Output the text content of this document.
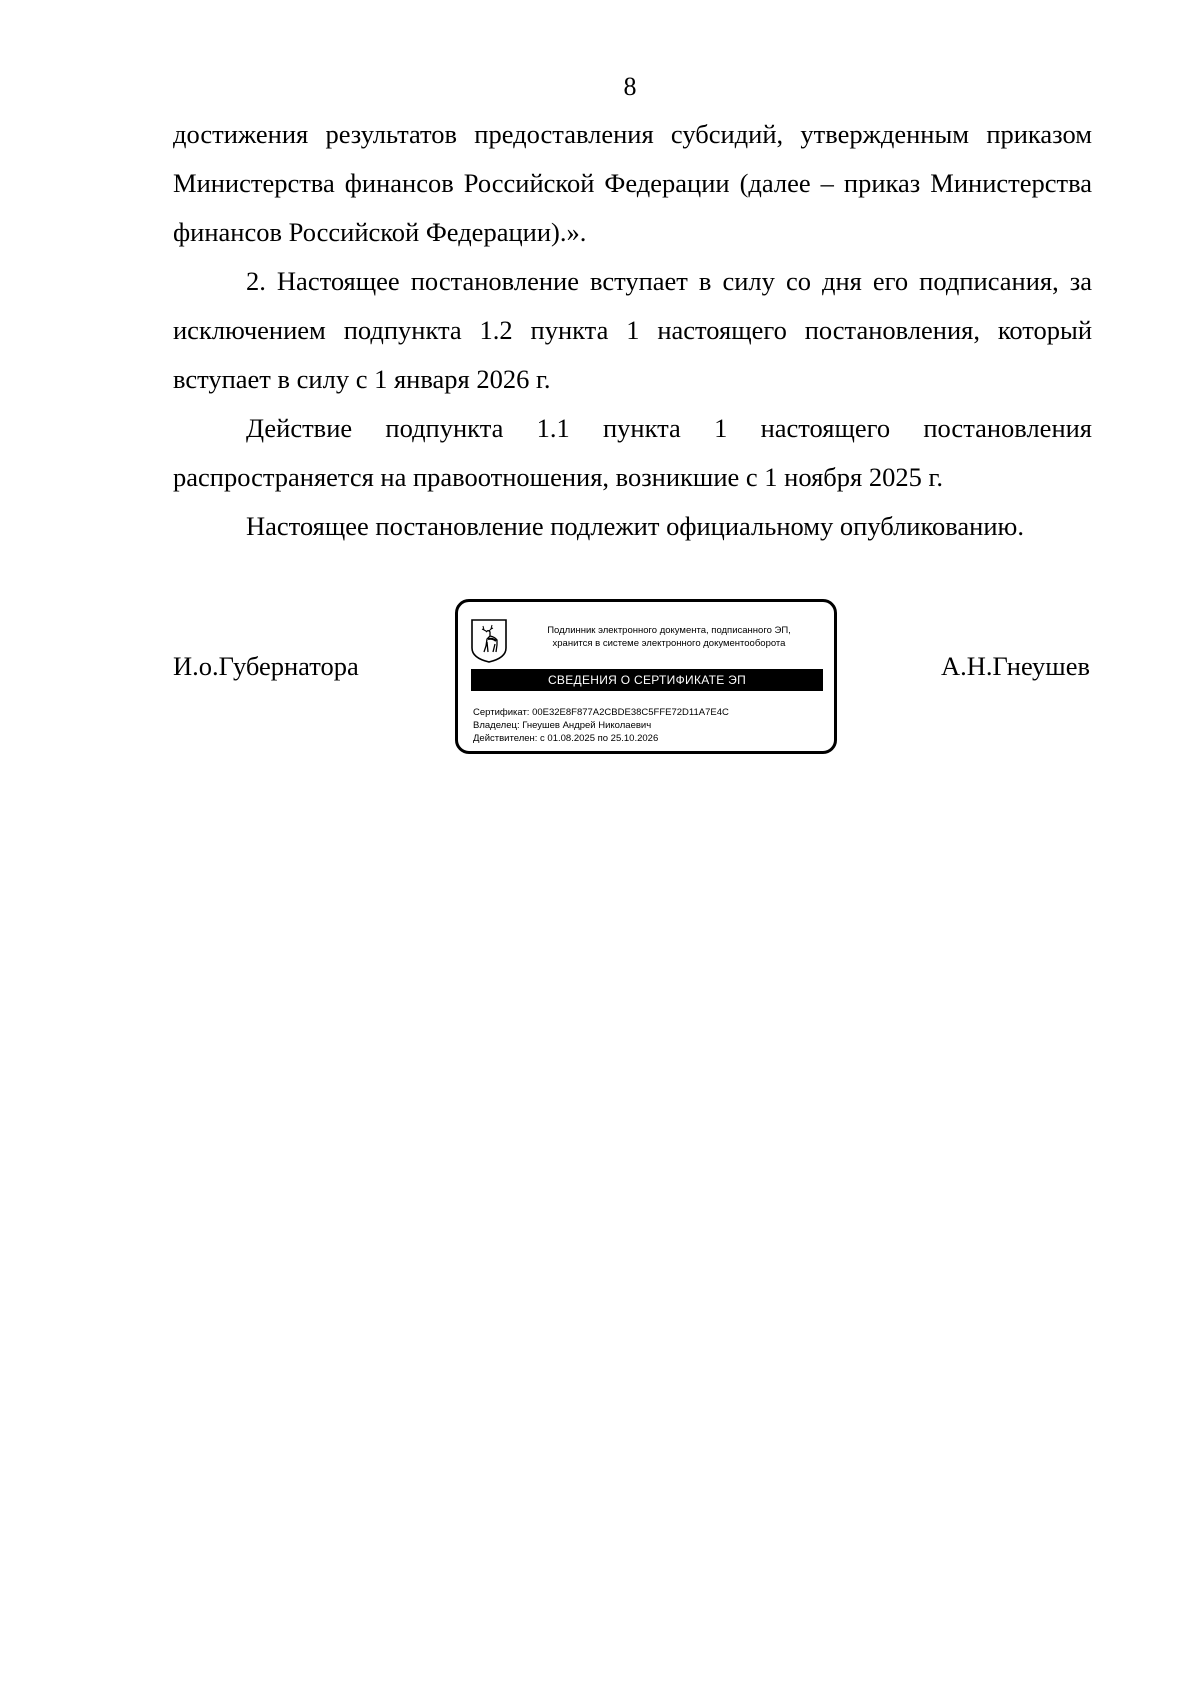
8

достижения результатов предоставления субсидий, утвержденным приказом Министерства финансов Российской Федерации (далее – приказ Министерства финансов Российской Федерации).».

2. Настоящее постановление вступает в силу со дня его подписания, за исключением подпункта 1.2 пункта 1 настоящего постановления, который вступает в силу с 1 января 2026 г.

Действие подпункта 1.1 пункта 1 настоящего постановления распространяется на правоотношения, возникшие с 1 ноября 2025 г.

Настоящее постановление подлежит официальному опубликованию.

И.о.Губернатора
Подлинник электронного документа, подписанного ЭП,
хранится в системе электронного документооборота
СВЕДЕНИЯ О СЕРТИФИКАТЕ ЭП
Сертификат: 00E32E8F877A2CBDE38C5FFE72D11A7E4C
Владелец: Гнеушев Андрей Николаевич
Действителен: с 01.08.2025 по 25.10.2026
А.Н.Гнеушев
